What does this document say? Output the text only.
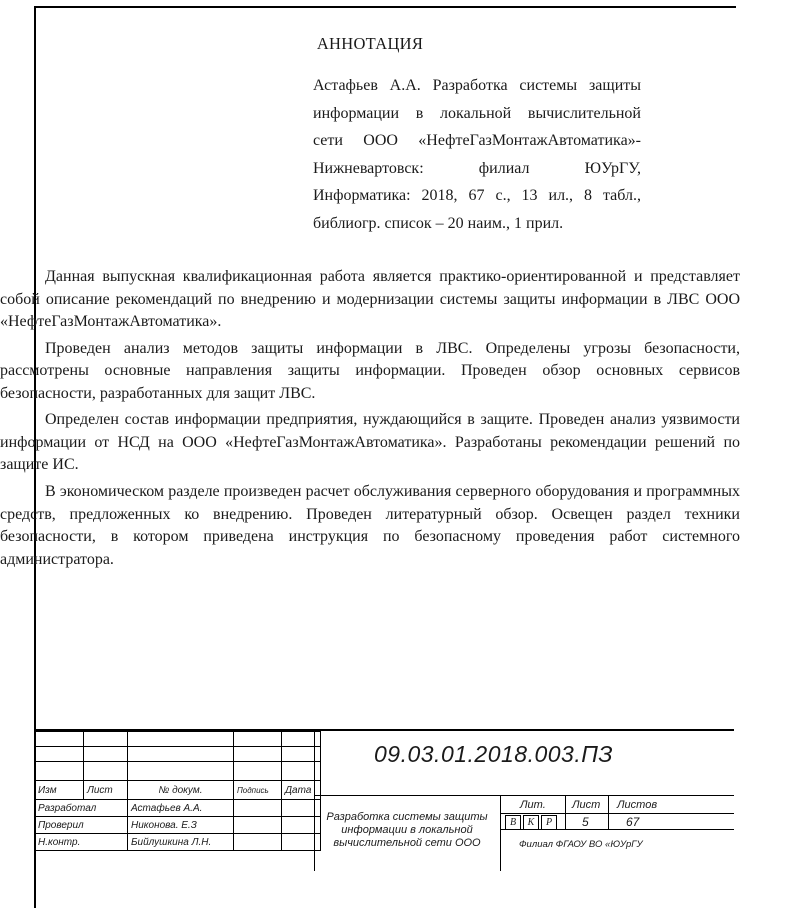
АННОТАЦИЯ
Астафьев А.А. Разработка системы защиты
информации в локальной вычислительной
сети ООО «НефтеГазМонтажАвтоматика»-
Нижневартовск: филиал ЮУрГУ,
Информатика: 2018, 67 с., 13 ил., 8 табл.,
библиогр. список – 20 наим., 1 прил.

Данная выпускная квалификационная работа является практико-ориентированной и представляет собой описание рекомендаций по внедрению и модернизации системы защиты информации в ЛВС ООО «НефтеГазМонтажАвтоматика».

Проведен анализ методов защиты информации в ЛВС. Определены угрозы безопасности, рассмотрены основные направления защиты информации. Проведен обзор основных сервисов безопасности, разработанных для защит ЛВС.

Определен состав информации предприятия, нуждающийся в защите. Проведен анализ уязвимости информации от НСД на ООО «НефтеГазМонтажАвтоматика». Разработаны рекомендации решений по защите ИС.

В экономическом разделе произведен расчет обслуживания серверного оборудования и программных средств, предложенных ко внедрению. Проведен литературный обзор. Освещен раздел техники безопасности, в котором приведена инструкция по безопасному проведения работ системного администратора.

Изм	Лист	№ докум.	Подпись	Дата
Разработал		Астафьев А.А.		
Проверил		Никонова. Е.З		
Н.контр.		Бийлушкина Л.Н.		
09.03.01.2018.003.ПЗ
Разработка системы защиты
информации в локальной
вычислительной сети ООО
Лит. Лист Листов
В	К	Р	5	67
Филиал ФГАОУ ВО «ЮУрГУ
